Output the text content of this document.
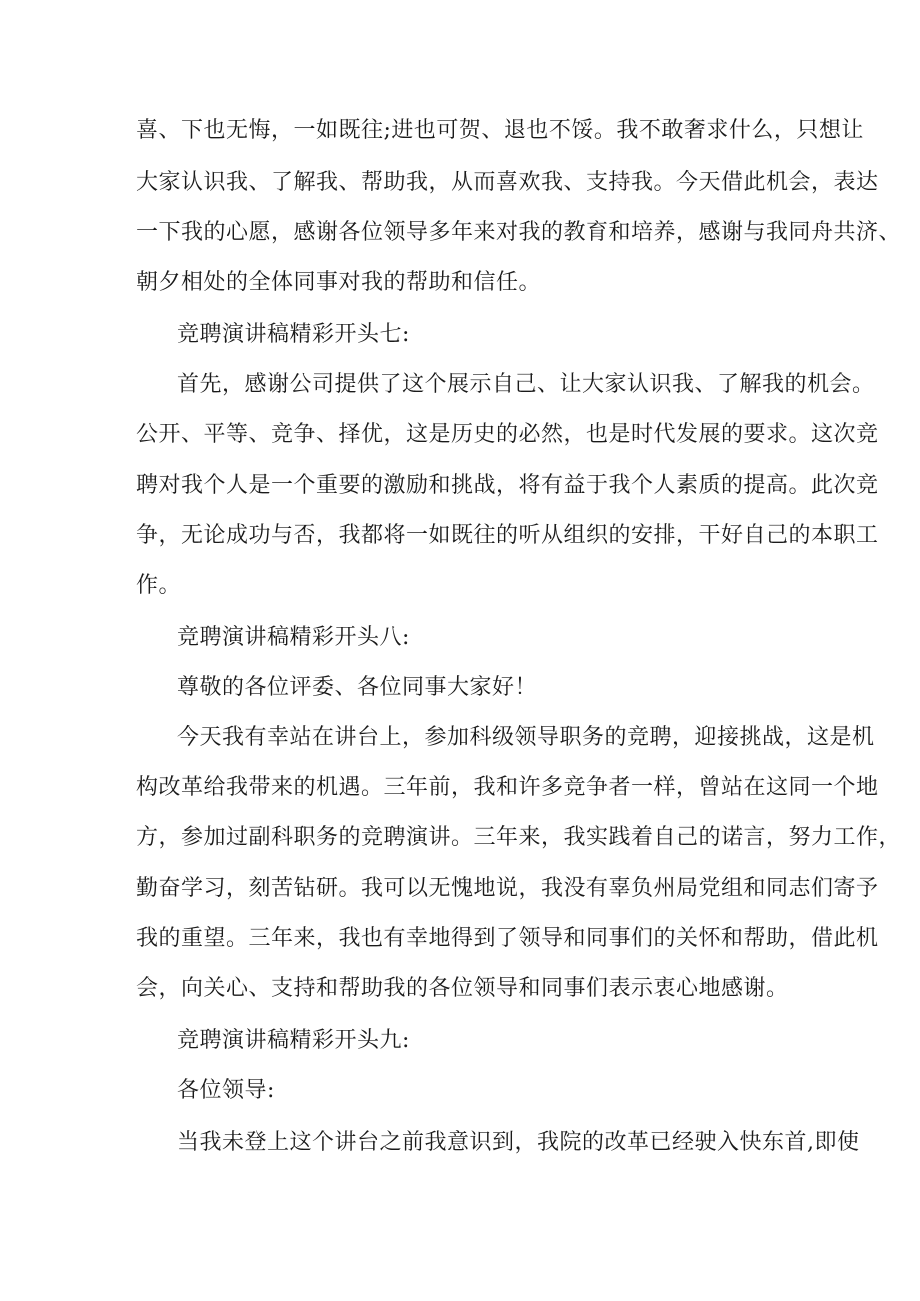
喜、下也无悔，一如既往;进也可贺、退也不馁。我不敢奢求什么，只想让
大家认识我、了解我、帮助我，从而喜欢我、支持我。今天借此机会，表达
一下我的心愿，感谢各位领导多年来对我的教育和培养，感谢与我同舟共济、
朝夕相处的全体同事对我的帮助和信任。
竞聘演讲稿精彩开头七:
首先，感谢公司提供了这个展示自己、让大家认识我、了解我的机会。
公开、平等、竞争、择优，这是历史的必然，也是时代发展的要求。这次竞
聘对我个人是一个重要的激励和挑战，将有益于我个人素质的提高。此次竞
争，无论成功与否，我都将一如既往的听从组织的安排，干好自己的本职工
作。
竞聘演讲稿精彩开头八:
尊敬的各位评委、各位同事大家好！
今天我有幸站在讲台上，参加科级领导职务的竞聘，迎接挑战，这是机
构改革给我带来的机遇。三年前，我和许多竞争者一样，曾站在这同一个地
方，参加过副科职务的竞聘演讲。三年来，我实践着自己的诺言，努力工作，
勤奋学习，刻苦钻研。我可以无愧地说，我没有辜负州局党组和同志们寄予
我的重望。三年来，我也有幸地得到了领导和同事们的关怀和帮助，借此机
会，向关心、支持和帮助我的各位领导和同事们表示衷心地感谢。
竞聘演讲稿精彩开头九:
各位领导:
当我未登上这个讲台之前我意识到，我院的改革已经驶入快东首,即使
